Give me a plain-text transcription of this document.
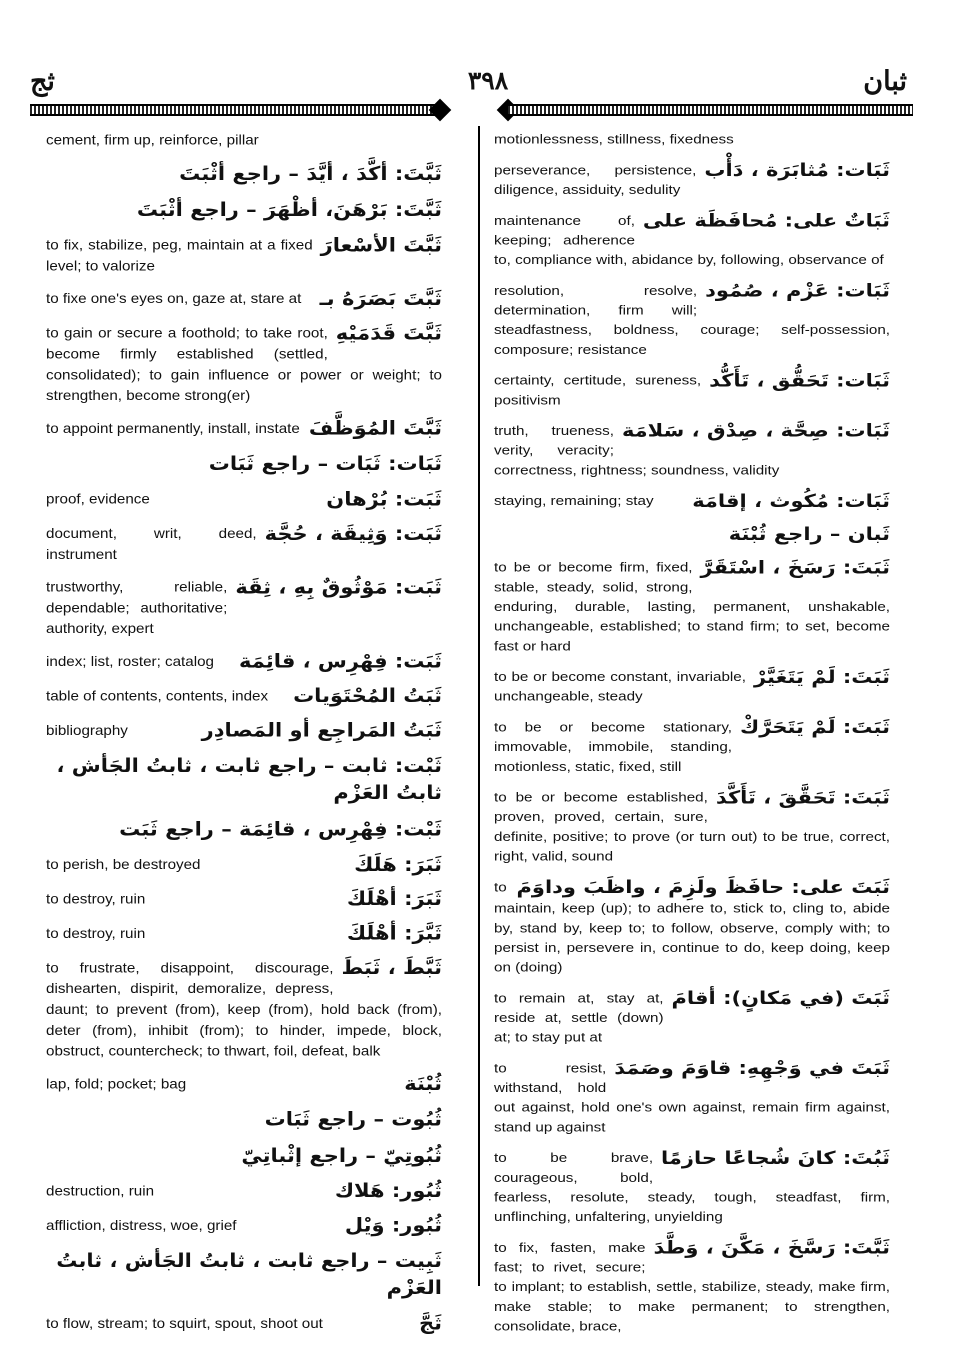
ثج	٣٩٨	ثبان
cement, firm up, reinforce, pillar
ثَبَّتَ: أكَّدَ ، أيَّدَ – راجع أثْبَتَ
ثَبَّتَ: بَرْهَنَ، أظْهَرَ – راجع أثْبَتَ
ثَبَّتَ الأسْعارَ
to fix, stabilize, peg, maintain at a fixed level; to valorize
ثَبَّتَ بَصَرَهُ بـ
to fixe one's eyes on, gaze at, stare at
ثَبَّتَ قَدَمَيْهِ
to gain or secure a foothold; to take root, become firmly established (settled, consolidated); to gain influence or power or weight; to strengthen, become strong(er)
ثَبَّتَ المُوَظَّفَ
to appoint permanently, install, instate
ثَبَات: ثَبَات – راجع ثَبَات
ثَبَت: بُرْهان
proof, evidence
ثَبَت: وَثِيقَة ، حُجَّة
document, writ, deed, instrument
ثَبَت: مَوْثُوقٌ بِهِ ، ثِقَة
trustworthy, reliable, dependable; authoritative; authority, expert
ثَبَت: فِهْرِس ، قائِمَة
index; list, roster; catalog
ثَبَتُ المُحْتَوَيات
table of contents, contents, index
ثَبَتُ المَراجِع أو المَصادِر
bibliography
ثَبْت: ثابت – راجع ثابت ، ثابتُ الجَأش ، ثابتُ العَزْم
ثَبْت: فِهْرِس ، قائِمَة – راجع ثَبَت
ثَبَرَ: هَلَكَ
to perish, be destroyed
ثَبَرَ: أهْلَكَ
to destroy, ruin
ثَبَّرَ: أهْلَكَ
to destroy, ruin
ثَبَّطَ ، ثَبَطَ
to frustrate, disappoint, discourage, dishearten, dispirit, demoralize, depress, daunt; to prevent (from), keep (from), hold back (from), deter (from), inhibit (from); to hinder, impede, block, obstruct, countercheck; to thwart, foil, defeat, balk
ثُبْنَة
lap, fold; pocket; bag
ثُبُوت – راجع ثَبَات
ثُبُوتِيّ – راجع إثْباتِيّ
ثُبُور: هَلاك
destruction, ruin
ثُبُور: وَيْل
affliction, distress, woe, grief
ثَبِيت – راجع ثابت ، ثابتُ الجَأش ، ثابتُ العَزْم
ثَجَّ
to flow, stream; to squirt, spout, shoot out
motionlessness, stillness, fixedness
ثَبَات: مُثابَرَة ، دَأْب
perseverance, persistence, diligence, assiduity, sedulity
ثَبَاتٌ على: مُحافَظَة على
maintenance of, keeping; adherence to, compliance with, abidance by, following, observance of
ثَبَات: عَزْم ، صُمُود
resolution, resolve, determination, firm will; steadfastness, boldness, courage; self-possession, composure; resistance
ثَبَات: تَحَقُّق ، تَأَكُّد
certainty, certitude, sureness, positivism
ثَبَات: صِحَّة ، صِدْق ، سَلامَة
truth, trueness, verity, veracity; correctness, rightness; soundness, validity
ثَبَات: مُكُوث ، إقامَة
staying, remaining; stay
ثَبان – راجع ثُبْنَة
ثَبَتَ: رَسَخَ ، اسْتَقَرَّ
to be or become firm, fixed, stable, steady, solid, strong, enduring, durable, lasting, permanent, unshakable, unchangeable, established; to stand firm; to set, become fast or hard
ثَبَتَ: لَمْ يَتَغَيَّرْ
to be or become constant, invariable, unchangeable, steady
ثَبَتَ: لَمْ يَتَحَرَّكْ
to be or become stationary, immovable, immobile, standing, motionless, static, fixed, still
ثَبَتَ: تَحَقَّقَ ، تَأَكَّدَ
to be or become established, proven, proved, certain, sure, definite, positive; to prove (or turn out) to be true, correct, right, valid, sound
ثَبَتَ على: حافَظَ ولَزِمَ ، واظَبَ وداوَمَ
to maintain, keep (up); to adhere to, stick to, cling to, abide by, stand by, keep to; to follow, observe, comply with; to persist in, persevere in, continue to do, keep doing, keep on (doing)
ثَبَتَ (في مَكانٍ): أقامَ
to remain at, stay at, reside at, settle (down) at; to stay put at
ثَبَتَ في وَجْهِهِ: قاوَمَ وصَمَدَ
to resist, withstand, hold out against, hold one's own against, remain firm against, stand up against
ثَبُتَ: كانَ شُجاعًا حازمًا
to be brave, courageous, bold, fearless, resolute, steady, tough, steadfast, firm, unflinching, unfaltering, unyielding
ثَبَّتَ: رَسَّخَ ، مَكَّنَ ، وَطَّدَ
to fix, fasten, make fast; to rivet, secure; to implant; to establish, settle, stabilize, steady, make firm, make stable; to make permanent; to strengthen, consolidate, brace,
